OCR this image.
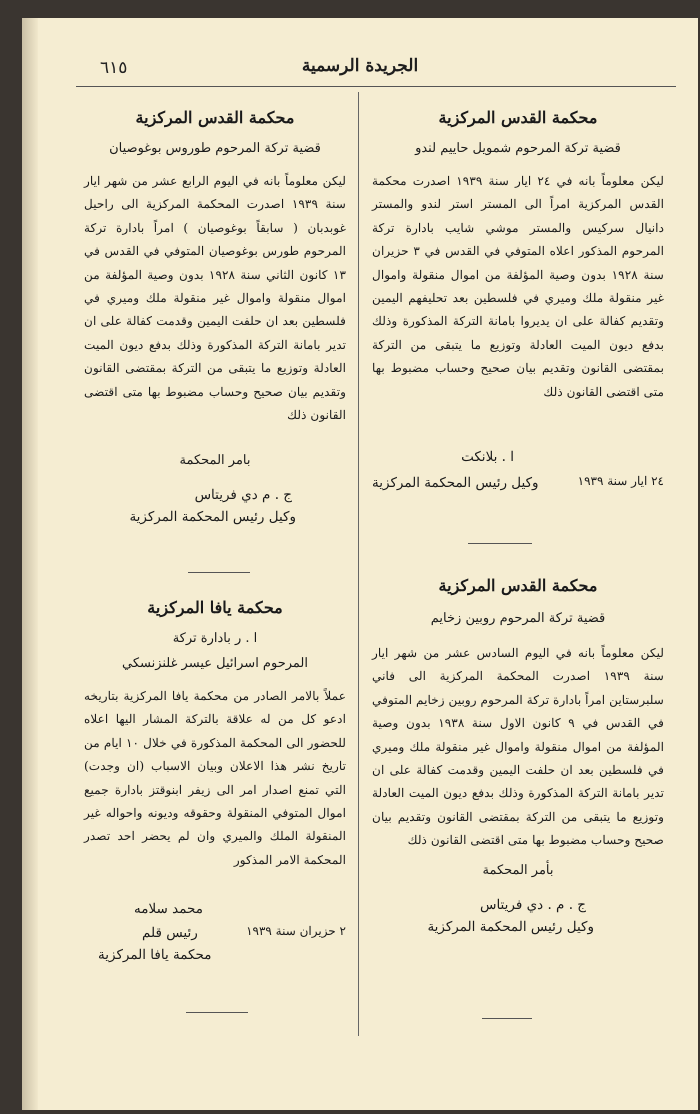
٦١٥	الجريدة الرسمية
محكمة القدس المركزية
قضية تركة المرحوم شمويل حاييم لندو
ليكن معلوماً بانه في ٢٤ ايار سنة ١٩٣٩ اصدرت محكمة القدس المركزية امراً الى المستر استر لندو والمستر دانيال سركيس والمستر موشي شايب بادارة تركة المرحوم المذكور اعلاه المتوفي في القدس في ٣ حزيران سنة ١٩٢٨ بدون وصية المؤلفة من اموال منقولة واموال غير منقولة ملك وميري في فلسطين بعد تحليفهم اليمين وتقديم كفالة على ان يديروا بامانة التركة المذكورة وذلك بدفع ديون الميت العادلة وتوزيع ما يتبقى من التركة بمقتضى القانون وتقديم بيان صحيح وحساب مضبوط بها متى اقتضى القانون ذلك
ا . بلانكت
وكيل رئيس المحكمة المركزية	٢٤ ايار سنة ١٩٣٩
محكمة القدس المركزية
قضية تركة المرحوم روبين زخايم
ليكن معلوماً بانه في اليوم السادس عشر من شهر ايار سنة ١٩٣٩ اصدرت المحكمة المركزية الى فاني سلبرستاين امراً بادارة تركة المرحوم روبين زخايم المتوفي في القدس في ٩ كانون الاول سنة ١٩٣٨ بدون وصية المؤلفة من اموال منقولة واموال غير منقولة ملك وميري في فلسطين بعد ان حلفت اليمين وقدمت كفالة على ان تدير بامانة التركة المذكورة وذلك بدفع ديون الميت العادلة وتوزيع ما يتبقى من التركة بمقتضى القانون وتقديم بيان صحيح وحساب مضبوط بها متى اقتضى القانون ذلك
بأمر المحكمة
ج . م . دي فريتاس
وكيل رئيس المحكمة المركزية
محكمة القدس المركزية
قضية تركة المرحوم طوروس بوغوصيان
ليكن معلوماً بانه في اليوم الرابع عشر من شهر ايار سنة ١٩٣٩ اصدرت المحكمة المركزية الى راحيل غوبدبان ( سابقاً بوغوصيان ) امراً بادارة تركة المرحوم طورس بوغوصيان المتوفي في القدس في ١٣ كانون الثاني سنة ١٩٢٨ بدون وصية المؤلفة من اموال منقولة واموال غير منقولة ملك وميري في فلسطين بعد ان حلفت اليمين وقدمت كفالة على ان تدير بامانة التركة المذكورة وذلك بدفع ديون الميت العادلة وتوزيع ما يتبقى من التركة بمقتضى القانون وتقديم بيان صحيح وحساب مضبوط بها متى اقتضى القانون ذلك
بامر المحكمة
ج . م دي فريتاس
وكيل رئيس المحكمة المركزية
محكمة يافا المركزية
ا . ر بادارة تركة
المرحوم اسرائيل عيسر غلنزنسكي
عملاً بالامر الصادر من محكمة يافا المركزية بتاريخه ادعو كل من له علاقة بالتركة المشار اليها اعلاه للحضور الى المحكمة المذكورة في خلال ١٠ ايام من تاريخ نشر هذا الاعلان وبيان الاسباب (ان وجدت) التي تمنع اصدار امر الى زيفر ابنوقتز بادارة جميع اموال المتوفي المنقولة وحقوقه وديونه واحواله غير المنقولة الملك والميري وان لم يحضر احد تصدر المحكمة الامر المذكور
محمد سلامه
رئيس قلم
محكمة يافا المركزية
٢ حزيران سنة ١٩٣٩
